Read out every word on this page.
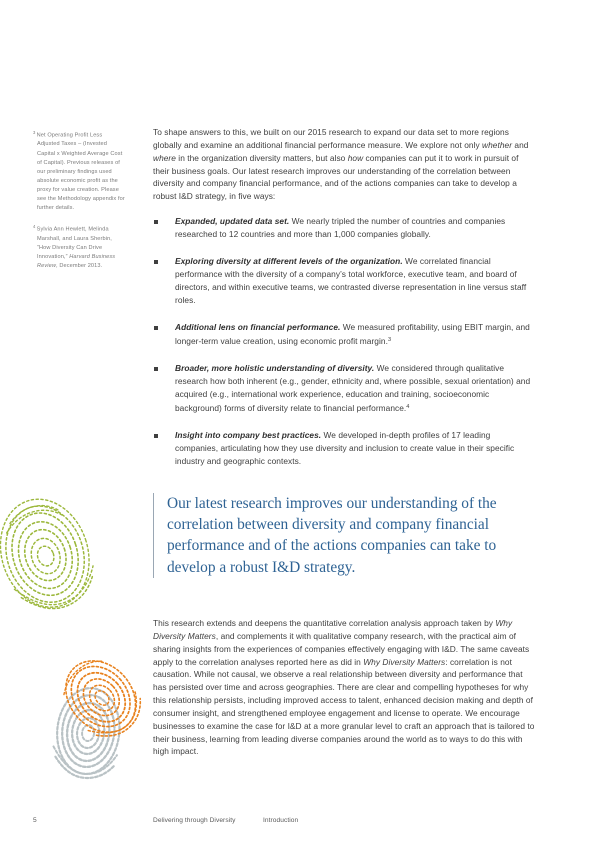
$^3$Net Operating Profit Less Adjusted Taxes – (Invested Capital x Weighted Average Cost of Capital). Previous releases of our preliminary findings used absolute economic profit as the proxy for value creation. Please see the Methodology appendix for further details.
$^4$Sylvia Ann Hewlett, Melinda Marshall, and Laura Sherbin, “How Diversity Can Drive Innovation,” Harvard Business Review, December 2013.

To shape answers to this, we built on our 2015 research to expand our data set to more regions globally and examine an additional financial performance measure. We explore not only whether and where in the organization diversity matters, but also how companies can put it to work in pursuit of their business goals. Our latest research improves our understanding of the correlation between diversity and company financial performance, and of the actions companies can take to develop a robust I&D strategy, in five ways:

Expanded, updated data set. We nearly tripled the number of countries and companies researched to 12 countries and more than 1,000 companies globally.
Exploring diversity at different levels of the organization. We correlated financial performance with the diversity of a company’s total workforce, executive team, and board of directors, and within executive teams, we contrasted diverse representation in line versus staff roles.
Additional lens on financial performance. We measured profitability, using EBIT margin, and longer-term value creation, using economic profit margin.$^3$
Broader, more holistic understanding of diversity. We considered through qualitative research how both inherent (e.g., gender, ethnicity and, where possible, sexual orientation) and acquired (e.g., international work experience, education and training, socioeconomic background) forms of diversity relate to financial performance.$^4$
Insight into company best practices. We developed in-depth profiles of 17 leading companies, articulating how they use diversity and inclusion to create value in their specific industry and geographic contexts.

Our latest research improves our understanding of the correlation between diversity and company financial performance and of the actions companies can take to develop a robust I&D strategy.

This research extends and deepens the quantitative correlation analysis approach taken by Why Diversity Matters, and complements it with qualitative company research, with the practical aim of sharing insights from the experiences of companies effectively engaging with I&D. The same caveats apply to the correlation analyses reported here as did in Why Diversity Matters: correlation is not causation. While not causal, we observe a real relationship between diversity and performance that has persisted over time and across geographies. There are clear and compelling hypotheses for why this relationship persists, including improved access to talent, enhanced decision making and depth of consumer insight, and strengthened employee engagement and license to operate. We encourage businesses to examine the case for I&D at a more granular level to craft an approach that is tailored to their business, learning from leading diverse companies around the world as to ways to do this with high impact.

5	Delivering through Diversity	Introduction
